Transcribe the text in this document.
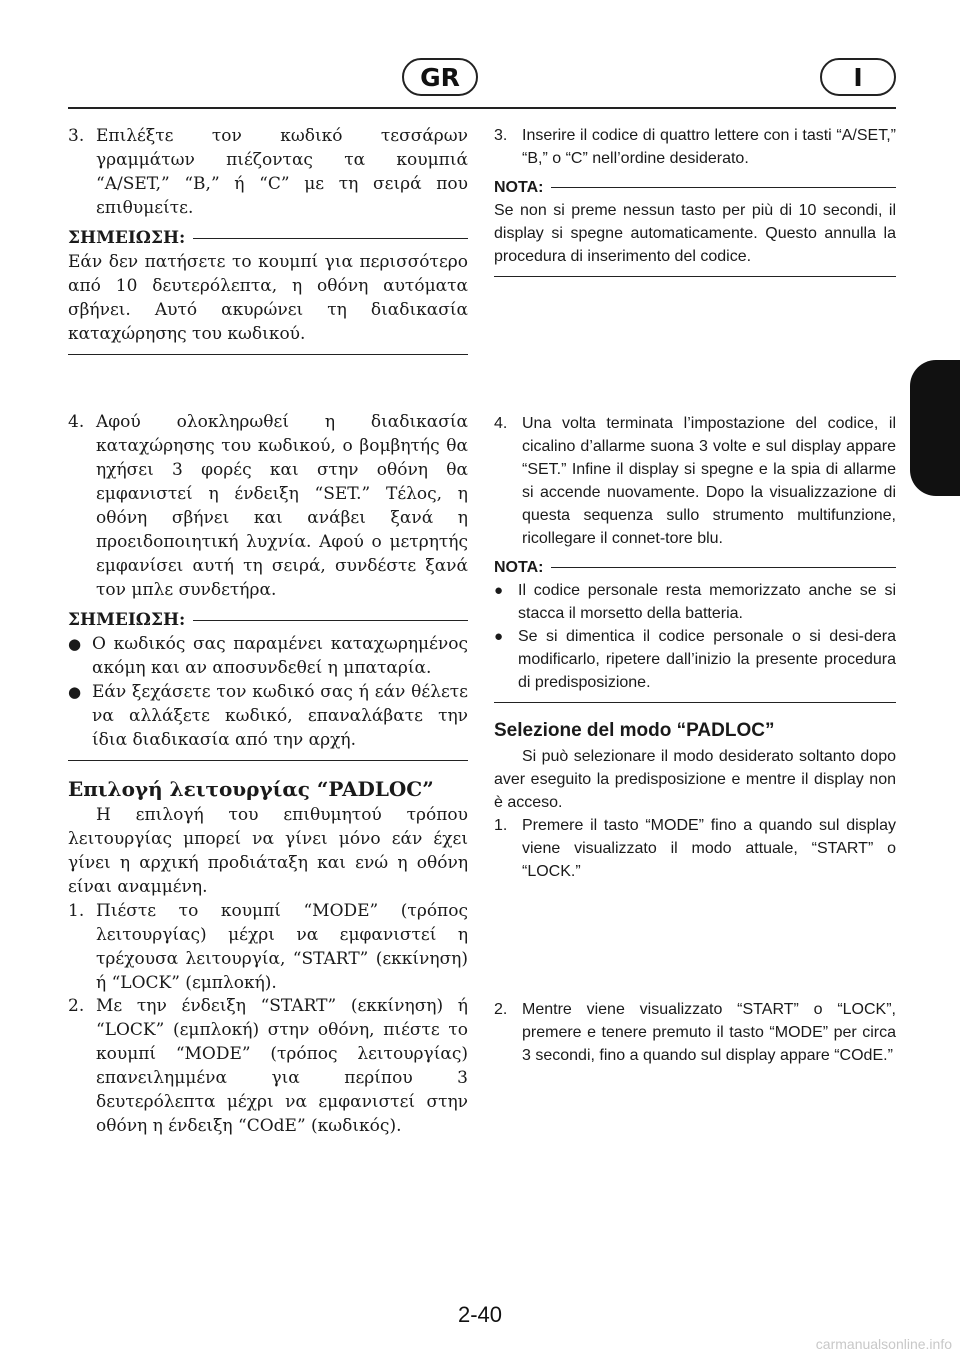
GR	I
3. Επιλέξτε τον κωδικό τεσσάρων γραμμάτων πιέζοντας τα κουμπιά “A/SET,” “B,” ή “C” με τη σειρά που επιθυμείτε.
ΣΗΜΕΙΩΣΗ:
Εάν δεν πατήσετε το κουμπί για περισσότερο από 10 δευτερόλεπτα, η οθόνη αυτόματα σβήνει. Αυτό ακυρώνει τη διαδικασία καταχώρησης του κωδικού.
3. Inserire il codice di quattro lettere con i tasti “A/SET,” “B,” o “C” nell’ordine desiderato.
NOTA:
Se non si preme nessun tasto per più di 10 secondi, il display si spegne automaticamente. Questo annulla la procedura di inserimento del codice.
4. Αφού ολοκληρωθεί η διαδικασία καταχώρησης του κωδικού, ο βομβητής θα ηχήσει 3 φορές και στην οθόνη θα εμφανιστεί η ένδειξη “SET.” Τέλος, η οθόνη σβήνει και ανάβει ξανά η προειδοποιητική λυχνία. Αφού ο μετρητής εμφανίσει αυτή τη σειρά, συνδέστε ξανά τον μπλε συνδετήρα.
ΣΗΜΕΙΩΣΗ:
● Ο κωδικός σας παραμένει καταχωρημένος ακόμη και αν αποσυνδεθεί η μπαταρία.
● Εάν ξεχάσετε τον κωδικό σας ή εάν θέλετε να αλλάξετε κωδικό, επαναλάβατε την ίδια διαδικασία από την αρχή.
Επιλογή λειτουργίας “PADLOC”
Η επιλογή του επιθυμητού τρόπου λειτουργίας μπορεί να γίνει μόνο εάν έχει γίνει η αρχική προδιάταξη και ενώ η οθόνη είναι αναμμένη.
1. Πιέστε το κουμπί “MODE” (τρόπος λειτουργίας) μέχρι να εμφανιστεί η τρέχουσα λειτουργία, “START” (εκκίνηση) ή “LOCK” (εμπλοκή).
4. Una volta terminata l’impostazione del codice, il cicalino d’allarme suona 3 volte e sul display appare “SET.” Infine il display si spegne e la spia di allarme si accende nuovamente. Dopo la visualizzazione di questa sequenza sullo strumento multifunzione, ricollegare il connet-tore blu.
NOTA:
● Il codice personale resta memorizzato anche se si stacca il morsetto della batteria.
● Se si dimentica il codice personale o si desi-dera modificarlo, ripetere dall’inizio la presente procedura di predisposizione.
Selezione del modo “PADLOC”
Si può selezionare il modo desiderato soltanto dopo aver eseguito la predisposizione e mentre il display non è acceso.
1. Premere il tasto “MODE” fino a quando sul display viene visualizzato il modo attuale, “START” o “LOCK.”
2. Με την ένδειξη “START” (εκκίνηση) ή “LOCK” (εμπλοκή) στην οθόνη, πιέστε το κουμπί “MODE” (τρόπος λειτουργίας) επανειλημμένα για περίπου 3 δευτερόλεπτα μέχρι να εμφανιστεί στην οθόνη η ένδειξη “COdE” (κωδικός).
2. Mentre viene visualizzato “START” o “LOCK”, premere e tenere premuto il tasto “MODE” per circa 3 secondi, fino a quando sul display appare “COdE.”
2-40
carmanualsonline.info
